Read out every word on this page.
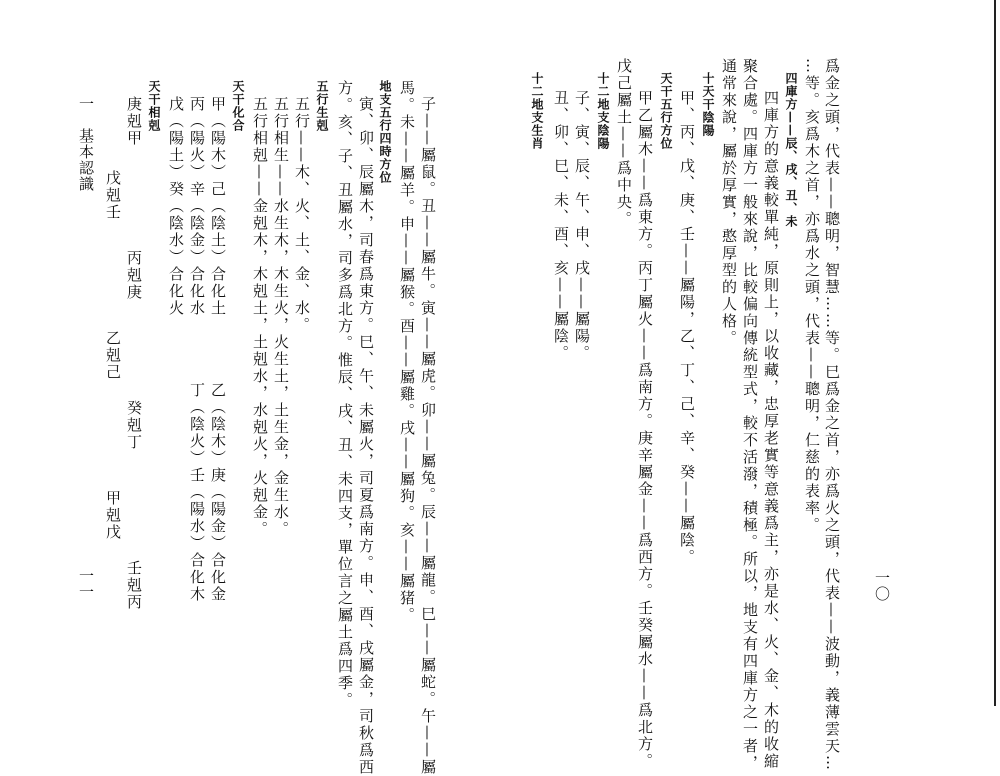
一〇
爲金之頭，代表——聰明，智慧……等。巳爲金之首，亦爲火之頭，代表——波動，義薄雲天…
…等。亥爲木之首，亦爲水之頭，代表——聰明，仁慈的表率。
四庫方——辰、戌、丑、未
四庫方的意義較單純，原則上，以收藏，忠厚老實等意義爲主，亦是水、火、金、木的收縮
聚合處。四庫方一般來說，比較偏向傳統型式，較不活潑，積極。所以，地支有四庫方之一者，
通常來說，屬於厚實，憨厚型的人格。
十天干陰陽
甲、丙、戊、庚、壬——屬陽，乙、丁、己、辛、癸——屬陰。
天干五行方位
甲乙屬木——爲東方。丙丁屬火——爲南方。庚辛屬金——爲西方。壬癸屬水——爲北方。
戊己屬土——爲中央。
十二地支陰陽
子、寅、辰、午、申、戌——屬陽。
丑、卯、巳、未、酉、亥——屬陰。
十二地支生肖
子——屬鼠。丑——屬牛。寅——屬虎。卯——屬兔。辰——屬龍。巳——屬蛇。午——屬
馬。未——屬羊。申——屬猴。酉——屬雞。戌——屬狗。亥——屬猪。
地支五行四時方位
寅、卯、辰屬木，司春爲東方。巳、午、未屬火，司夏爲南方。申、酉、戌屬金，司秋爲西
方。亥、子、丑屬水，司多爲北方。惟辰、戌、丑、未四支，單位言之屬土爲四季。
五行生剋
五行——木、火、土、金、水。
五行相生——水生木，木生火，火生土，土生金，金生水。
五行相剋——金剋木，木剋土，土剋水，水剋火，火剋金。
天干化合
甲（陽木）己（陰土）合化土
丙（陽火）辛（陰金）合化水
戊（陽土）癸（陰水）合化火
乙（陰木）庚（陽金）合化金
丁（陰火）壬（陽水）合化木
天干相剋
庚剋甲
丙剋庚
癸剋丁
壬剋丙
戊剋壬
乙剋己
甲剋戊
一　基本認識
一一
